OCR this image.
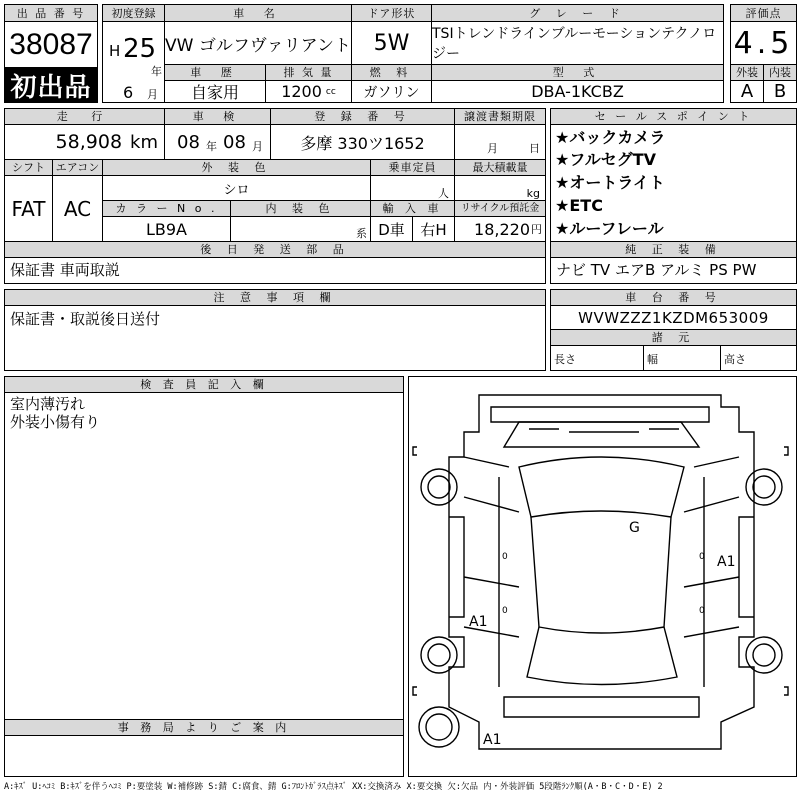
出 品 番 号
38087
初出品
初度登録
H 25
年
6 月
車 名
VW ゴルフヴァリアント
ドア形状
5W
グ レ ー ド
TSIトレンドラインブルーモーションテクノロジー
評価点
4.5
車 歴
自家用
排 気 量
1200 cc
燃 料
ガソリン
型 式
DBA-1KCBZ
外装	内装
A B
走 行
58,908 km
車 検
08 年 08 月
登 録 番 号
多摩 330ツ1652
譲渡書類期限
月	日
セ ー ル ス ポ イ ン ト
★バックカメラ
★フルセグTV
★オートライト
★ETC
★ルーフレール
シフト
FAT
エアコン
AC
外 装 色
シロ
乗車定員
人
最大積載量
kg
カ ラ ー N o .
LB9A
内 装 色
系
輸 入 車
D車 右H
リサイクル預託金
18,220 円
後 日 発 送 部 品
保証書 車両取説
純 正 装 備
ナビ TV エアB アルミ PS PW
注 意 事 項 欄
保証書・取説後日送付
車 台 番 号
WVWZZZ1KZDM653009
諸 元
長さ	幅	高さ
検 査 員 記 入 欄
室内薄汚れ
外装小傷有り
事 務 局 よ り ご 案 内
G
A1
A1
A1
0	0
0	0
A:ｷｽﾞ U:ﾍｺﾐ B:ｷｽﾞを伴うﾍｺﾐ P:要塗装 W:補修跡 S:錆 C:腐食、錆 G:ﾌﾛﾝﾄｶﾞﾗｽ点ｷｽﾞ XX:交換済み X:要交換 欠:欠品 内・外装評価 5段階ﾗﾝｸ順(A・B・C・D・E) 2
